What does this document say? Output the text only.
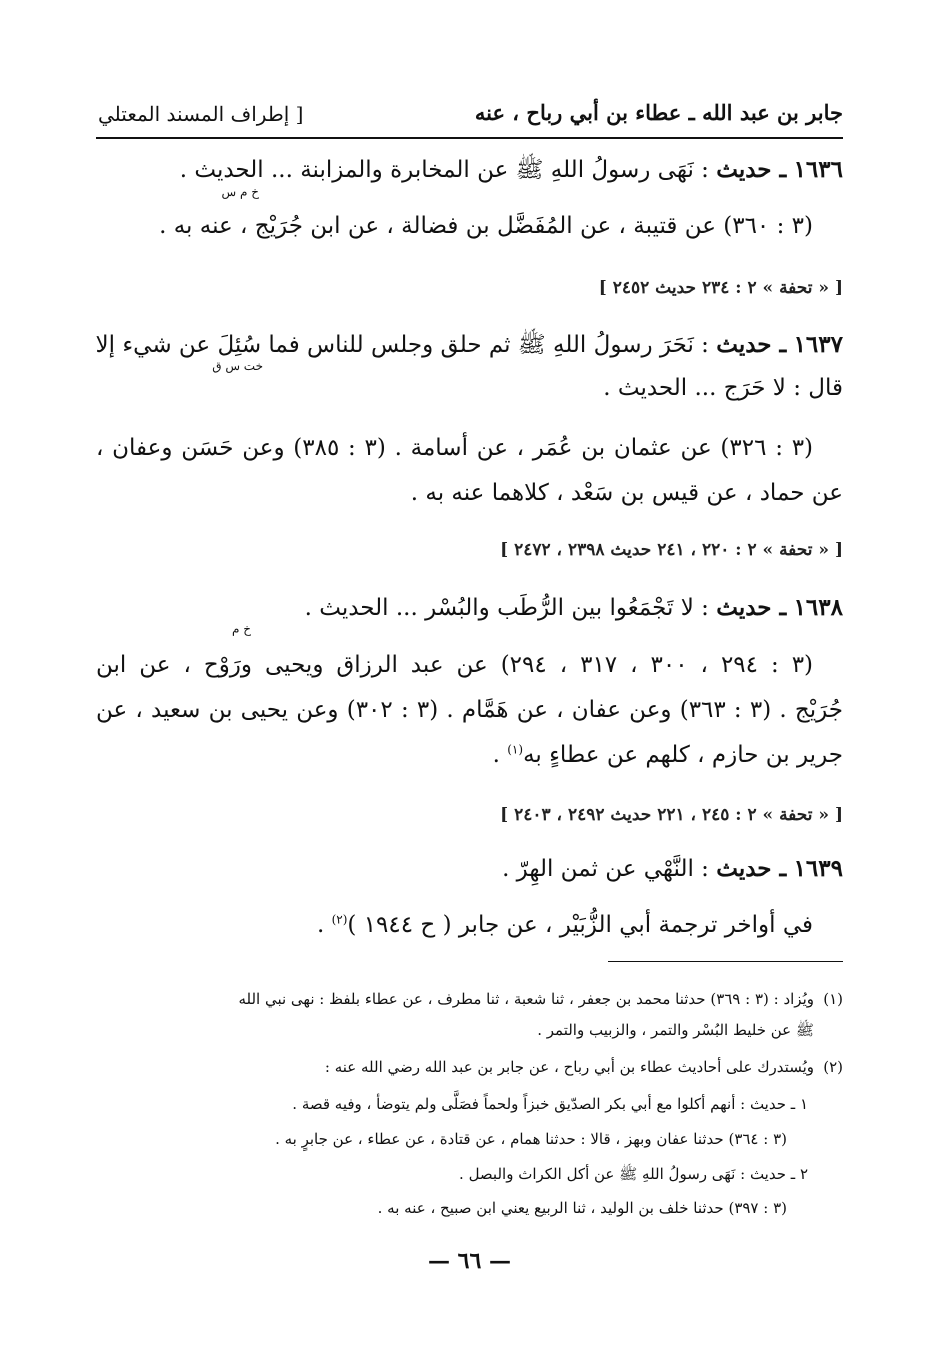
جابر بن عبد الله ـ عطاء بن أبي رباح ، عنه
[ إطراف المسند المعتلي
١٦٣٦ ـ حديث : نَهَى رسولُ اللهِ ﷺ عن المخابرة والمزابنة ... الحديث .
خ م س
(٣ : ٣٦٠) عن قتيبة ، عن المُفَضَّل بن فضالة ، عن ابن جُرَيْج ، عنه به .
[ « تحفة » ٢ : ٢٣٤ حديث ٢٤٥٢ ]
١٦٣٧ ـ حديث : نَحَرَ رسولُ اللهِ ﷺ ثم حلق وجلس للناس فما سُئِلَ عن شيء إلا
خت س ق
قال : لا حَرَج ... الحديث .
(٣ : ٣٢٦) عن عثمان بن عُمَر ، عن أسامة . (٣ : ٣٨٥) وعن حَسَن وعفان ،
عن حماد ، عن قيس بن سَعْد ، كلاهما عنه به .
[ « تحفة » ٢ : ٢٢٠ ، ٢٤١ حديث ٢٣٩٨ ، ٢٤٧٢ ]
١٦٣٨ ـ حديث : لا تَجْمَعُوا بين الرُّطَب والبُسْر ... الحديث .
خ م
(٣ : ٢٩٤ ، ٣٠٠ ، ٣١٧ ، ٢٩٤) عن عبد الرزاق ويحيى ورَوْح ، عن ابن
جُرَيْج . (٣ : ٣٦٣) وعن عفان ، عن هَمَّام . (٣ : ٣٠٢) وعن يحيى بن سعيد ، عن
جرير بن حازم ، كلهم عن عطاءٍ به$^{(١)}$ .
[ « تحفة » ٢ : ٢٤٥ ، ٢٢١ حديث ٢٤٩٢ ، ٢٤٠٣ ]
١٦٣٩ ـ حديث : النَّهْي عن ثمن الهِرّ .
في أواخر ترجمة أبي الزُّبَيْر ، عن جابر ( ح ١٩٤٤ )$^{(٢)}$ .
(١)
ويُزاد : (٣ : ٣٦٩) حدثنا محمد بن جعفر ، ثنا شعبة ، ثنا مطرف ، عن عطاء بلفظ : نهى نبي الله
ﷺ عن خليط البُسْر والتمر ، والزبيب والتمر .
(٢)
ويُستدرك على أحاديث عطاء بن أبي رباح ، عن جابر بن عبد الله رضي الله عنه :
١ ـ حديث : أنهم أكلوا مع أبي بكر الصدّيق خبزاً ولحماً فصَلَّى ولم يتوضأ ، وفيه قصة .
(٣ : ٣٦٤) حدثنا عفان وبهز ، قالا : حدثنا همام ، عن قتادة ، عن عطاء ، عن جابرٍ به .
٢ ـ حديث : نَهَى رسولُ اللهِ ﷺ عن أكل الكراث والبصل .
(٣ : ٣٩٧) حدثنا خلف بن الوليد ، ثنا الربيع يعني ابن صبيح ، عنه به .
— ٦٦ —
